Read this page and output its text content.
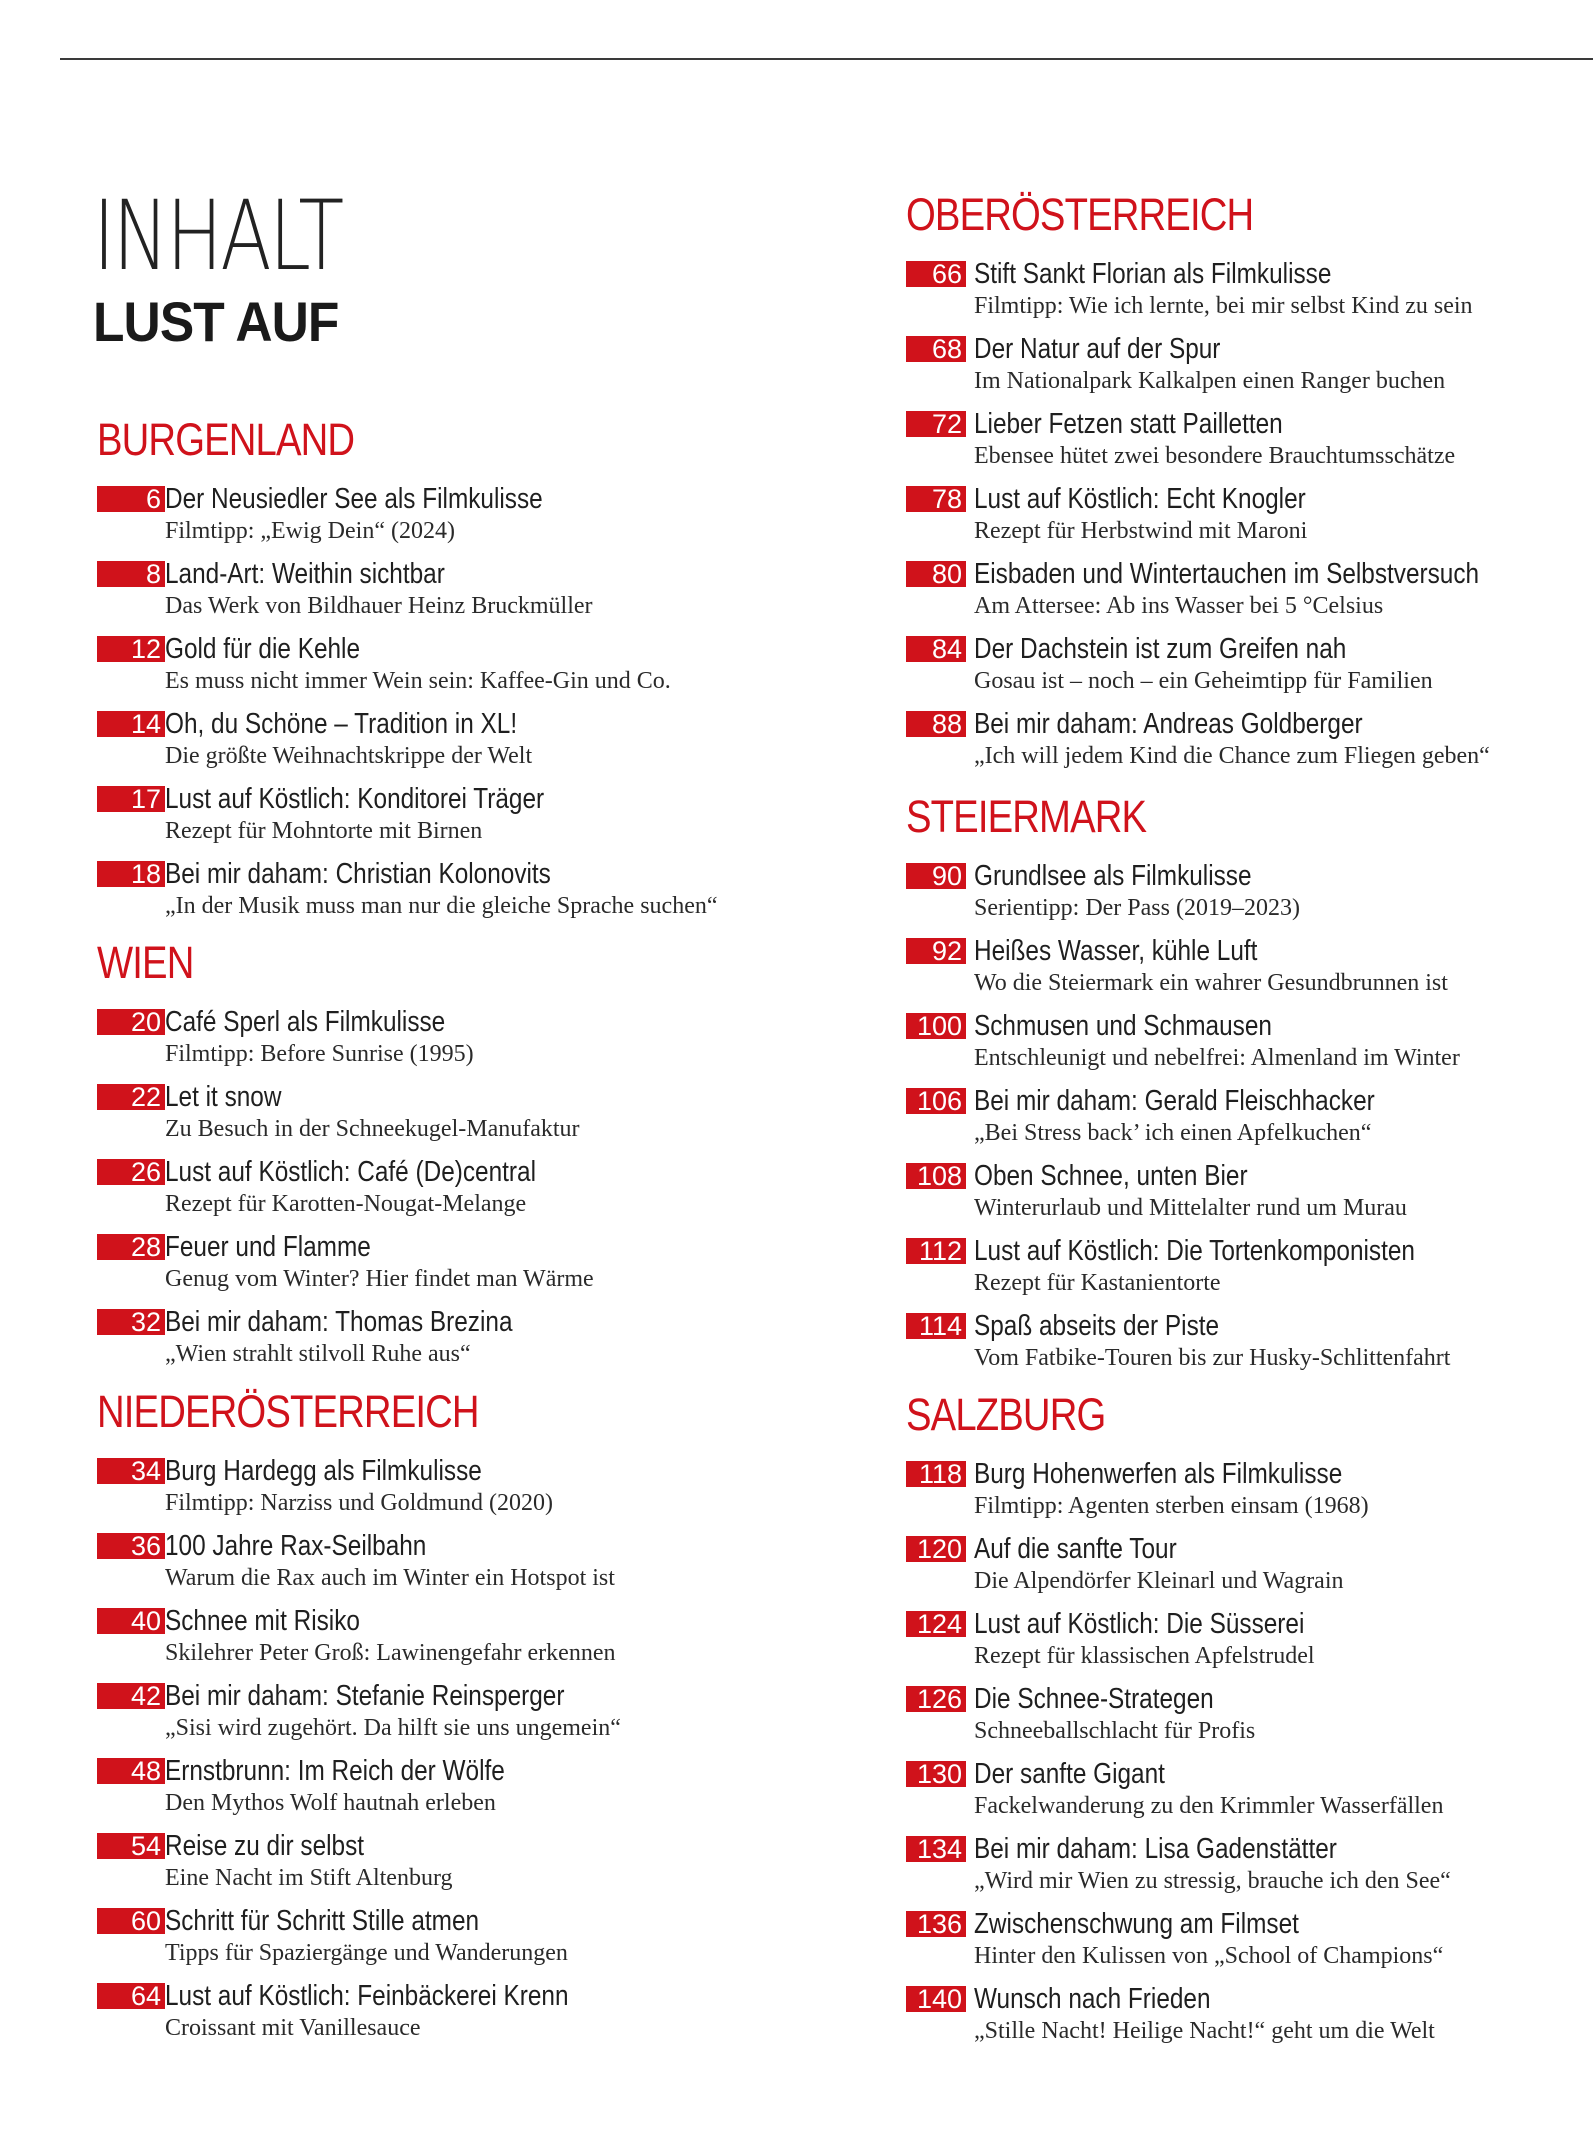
INHALT
LUST AUF
BURGENLAND
6 Der Neusiedler See als Filmkulisse
Filmtipp: „Ewig Dein“ (2024)
8 Land-Art: Weithin sichtbar
Das Werk von Bildhauer Heinz Bruckmüller
12 Gold für die Kehle
Es muss nicht immer Wein sein: Kaffee-Gin und Co.
14 Oh, du Schöne – Tradition in XL!
Die größte Weihnachtskrippe der Welt
17 Lust auf Köstlich: Konditorei Träger
Rezept für Mohntorte mit Birnen
18 Bei mir daham: Christian Kolonovits
„In der Musik muss man nur die gleiche Sprache suchen“
WIEN
20 Café Sperl als Filmkulisse
Filmtipp: Before Sunrise (1995)
22 Let it snow
Zu Besuch in der Schneekugel-Manufaktur
26 Lust auf Köstlich: Café (De)central
Rezept für Karotten-Nougat-Melange
28 Feuer und Flamme
Genug vom Winter? Hier findet man Wärme
32 Bei mir daham: Thomas Brezina
„Wien strahlt stilvoll Ruhe aus“
NIEDERÖSTERREICH
34 Burg Hardegg als Filmkulisse
Filmtipp: Narziss und Goldmund (2020)
36 100 Jahre Rax-Seilbahn
Warum die Rax auch im Winter ein Hotspot ist
40 Schnee mit Risiko
Skilehrer Peter Groß: Lawinengefahr erkennen
42 Bei mir daham: Stefanie Reinsperger
„Sisi wird zugehört. Da hilft sie uns ungemein“
48 Ernstbrunn: Im Reich der Wölfe
Den Mythos Wolf hautnah erleben
54 Reise zu dir selbst
Eine Nacht im Stift Altenburg
60 Schritt für Schritt Stille atmen
Tipps für Spaziergänge und Wanderungen
64 Lust auf Köstlich: Feinbäckerei Krenn
Croissant mit Vanillesauce
OBERÖSTERREICH
66 Stift Sankt Florian als Filmkulisse
Filmtipp: Wie ich lernte, bei mir selbst Kind zu sein
68 Der Natur auf der Spur
Im Nationalpark Kalkalpen einen Ranger buchen
72 Lieber Fetzen statt Pailletten
Ebensee hütet zwei besondere Brauchtumsschätze
78 Lust auf Köstlich: Echt Knogler
Rezept für Herbstwind mit Maroni
80 Eisbaden und Wintertauchen im Selbstversuch
Am Attersee: Ab ins Wasser bei 5 °Celsius
84 Der Dachstein ist zum Greifen nah
Gosau ist – noch – ein Geheimtipp für Familien
88 Bei mir daham: Andreas Goldberger
„Ich will jedem Kind die Chance zum Fliegen geben“
STEIERMARK
90 Grundlsee als Filmkulisse
Serientipp: Der Pass (2019–2023)
92 Heißes Wasser, kühle Luft
Wo die Steiermark ein wahrer Gesundbrunnen ist
100 Schmusen und Schmausen
Entschleunigt und nebelfrei: Almenland im Winter
106 Bei mir daham: Gerald Fleischhacker
„Bei Stress back’ ich einen Apfelkuchen“
108 Oben Schnee, unten Bier
Winterurlaub und Mittelalter rund um Murau
112 Lust auf Köstlich: Die Tortenkomponisten
Rezept für Kastanientorte
114 Spaß abseits der Piste
Vom Fatbike-Touren bis zur Husky-Schlittenfahrt
SALZBURG
118 Burg Hohenwerfen als Filmkulisse
Filmtipp: Agenten sterben einsam (1968)
120 Auf die sanfte Tour
Die Alpendörfer Kleinarl und Wagrain
124 Lust auf Köstlich: Die Süsserei
Rezept für klassischen Apfelstrudel
126 Die Schnee-Strategen
Schneeballschlacht für Profis
130 Der sanfte Gigant
Fackelwanderung zu den Krimmler Wasserfällen
134 Bei mir daham: Lisa Gadenstätter
„Wird mir Wien zu stressig, brauche ich den See“
136 Zwischenschwung am Filmset
Hinter den Kulissen von „School of Champions“
140 Wunsch nach Frieden
„Stille Nacht! Heilige Nacht!“ geht um die Welt
